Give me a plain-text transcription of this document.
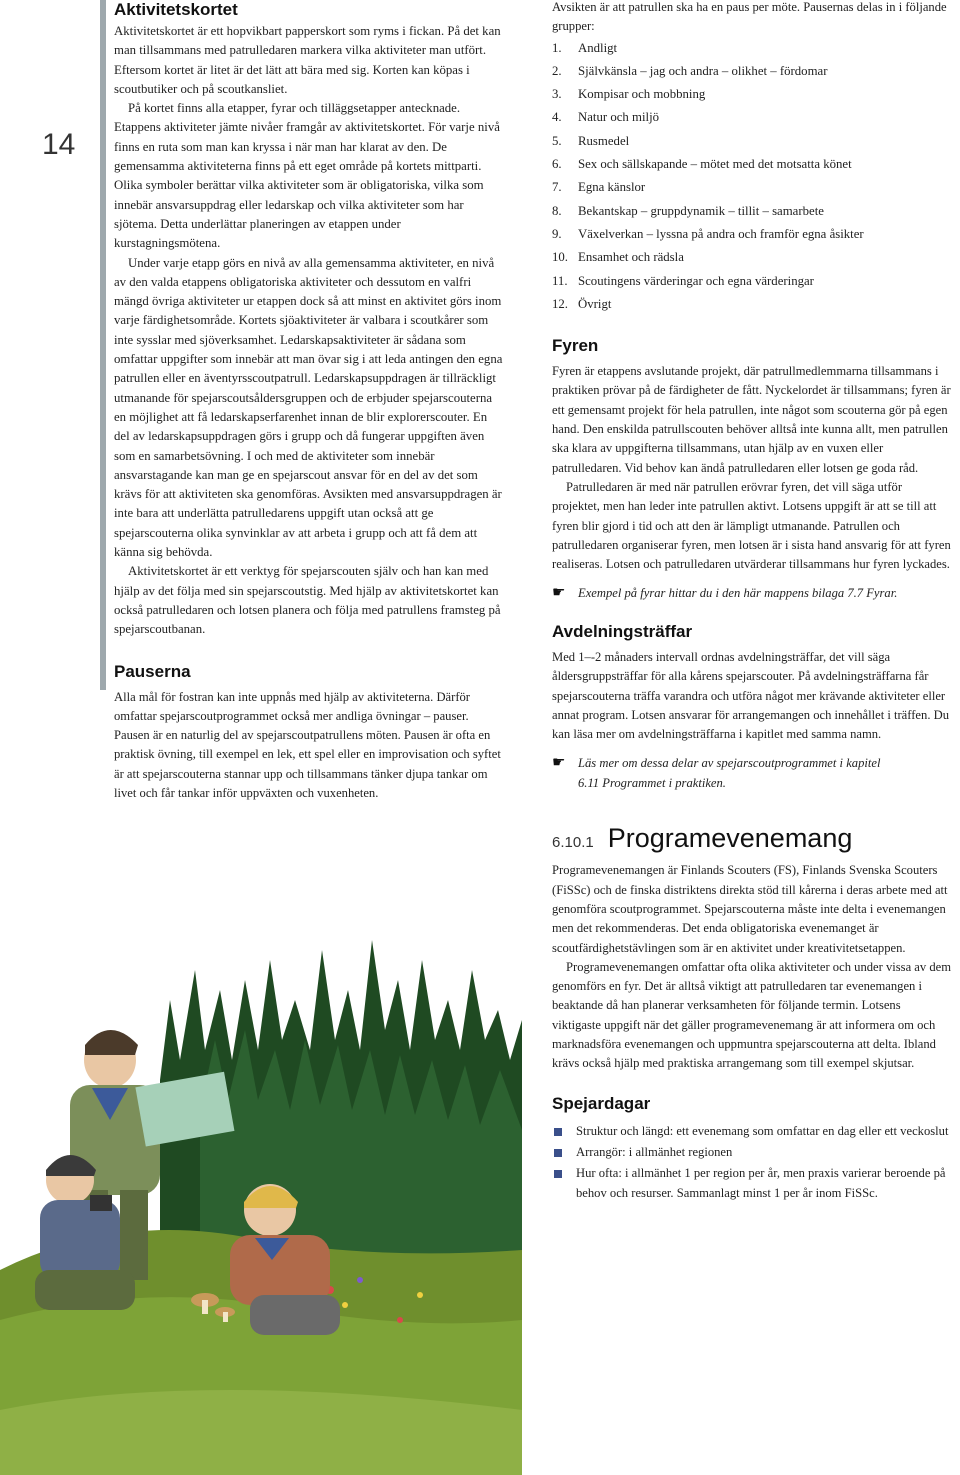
14
Aktivitetskortet

Aktivitetskortet är ett hopvikbart papperskort som ryms i fickan. På det kan man tillsammans med patrulledaren markera vilka aktiviteter man utfört. Eftersom kortet är litet är det lätt att bära med sig. Korten kan köpas i scoutbutiker och på scoutkansliet.

På kortet finns alla etapper, fyrar och tilläggsetapper antecknade. Etappens aktiviteter jämte nivåer framgår av aktivitetskortet. För varje nivå finns en ruta som man kan kryssa i när man har klarat av den. De gemensamma aktiviteterna finns på ett eget område på kortets mittparti. Olika symboler berättar vilka aktiviteter som är obligatoriska, vilka som innebär ansvarsuppdrag eller ledarskap och vilka aktiviteter som har sjötema. Detta underlättar planeringen av etappen under kurstagningsmötena.

Under varje etapp görs en nivå av alla gemensamma aktiviteter, en nivå av den valda etappens obligatoriska aktiviteter och dessutom en valfri mängd övriga aktiviteter ur etappen dock så att minst en aktivitet görs inom varje färdighetsområde. Kortets sjöaktiviteter är valbara i scoutkårer som inte sysslar med sjöverksamhet. Ledarskapsaktiviteter är sådana som omfattar uppgifter som innebär att man övar sig i att leda antingen den egna patrullen eller en äventyrsscoutpatrull. Ledarskapsuppdragen är tillräckligt utmanande för spejarscoutsåldersgruppen och de erbjuder spejarscouterna en möjlighet att få ledarskapserfarenhet innan de blir explorerscouter. En del av ledarskapsuppdragen görs i grupp och då fungerar uppgiften även som en samarbetsövning. I och med de aktiviteter som innebär ansvarstagande kan man ge en spejarscout ansvar för en del av det som krävs för att aktiviteten ska genomföras. Avsikten med ansvarsuppdragen är inte bara att underlätta patrulledarens uppgift utan också att ge spejarscouterna olika synvinklar av att arbeta i grupp och att få dem att känna sig behövda.

Aktivitetskortet är ett verktyg för spejarscouten själv och han kan med hjälp av det följa med sin spejarscoutstig. Med hjälp av aktivitetskortet kan också patrulledaren och lotsen planera och följa med patrullens framsteg på spejarscoutbanan.

Pauserna

Alla mål för fostran kan inte uppnås med hjälp av aktiviteterna. Därför omfattar spejarscoutprogrammet också mer andliga övningar – pauser. Pausen är en naturlig del av spejarscoutpatrullens möten. Pausen är ofta en praktisk övning, till exempel en lek, ett spel eller en improvisation och syftet är att spejarscouterna stannar upp och tillsammans tänker djupa tankar om livet och får tankar inför uppväxten och vuxenheten.

Avsikten är att patrullen ska ha en paus per möte. Pausernas delas in i följande grupper:

1. Andligt
2. Självkänsla – jag och andra – olikhet – fördomar
3. Kompisar och mobbning
4. Natur och miljö
5. Rusmedel
6. Sex och sällskapande – mötet med det motsatta könet
7. Egna känslor
8. Bekantskap – gruppdynamik – tillit – samarbete
9. Växelverkan – lyssna på andra och framför egna åsikter
10. Ensamhet och rädsla
11. Scoutingens värderingar och egna värderingar
12. Övrigt
Fyren

Fyren är etappens avslutande projekt, där patrullmedlemmarna tillsammans i praktiken prövar på de färdigheter de fått. Nyckelordet är tillsammans; fyren är ett gemensamt projekt för hela patrullen, inte något som scouterna gör på egen hand. Den enskilda patrullscouten behöver alltså inte kunna allt, men patrullen ska klara av uppgifterna tillsammans, utan hjälp av en vuxen eller patrulledaren. Vid behov kan ändå patrulledaren eller lotsen ge goda råd.

Patrulledaren är med när patrullen erövrar fyren, det vill säga utför projektet, men han leder inte patrullen aktivt. Lotsens uppgift är att se till att fyren blir gjord i tid och att den är lämpligt utmanande. Patrullen och patrulledaren organiserar fyren, men lotsen är i sista hand ansvarig för att fyren realiseras. Lotsen och patrulledaren utvärderar tillsammans hur fyren lyckades.

☛ Exempel på fyrar hittar du i den här mappens bilaga 7.7 Fyrar.
Avdelningsträffar

Med 1–-2 månaders intervall ordnas avdelningsträffar, det vill säga åldersgruppsträffar för alla kårens spejarscouter. På avdelningsträffarna får spejarscouterna träffa varandra och utföra något mer krävande aktiviteter eller annat program. Lotsen ansvarar för arrangemangen och innehållet i träffen. Du kan läsa mer om avdelningsträffarna i kapitlet med samma namn.

☛ Läs mer om dessa delar av spejarscoutprogrammet i kapitel
6.11 Programmet i praktiken.
6.10.1 Programevenemang

Programevenemangen är Finlands Scouters (FS), Finlands Svenska Scouters (FiSSc) och de finska distriktens direkta stöd till kårerna i deras arbete med att genomföra scoutprogrammet. Spejarscouterna måste inte delta i evenemangen men det rekommenderas. Det enda obligatoriska evenemanget är scoutfärdighetstävlingen som är en aktivitet under kreativitetsetappen.

Programevenemangen omfattar ofta olika aktiviteter och under vissa av dem genomförs en fyr. Det är alltså viktigt att patrulledaren tar evenemangen i beaktande då han planerar verksamheten för följande termin. Lotsens viktigaste uppgift när det gäller programevenemang är att informera om och marknadsföra evenemangen och uppmuntra spejarscouterna att delta. Ibland krävs också hjälp med praktiska arrangemang som till exempel skjutsar.

Spejardagar
Struktur och längd: ett evenemang som omfattar en dag eller ett veckoslut
Arrangör: i allmänhet regionen
Hur ofta: i allmänhet 1 per region per år, men praxis varierar beroende på behov och resurser. Sammanlagt minst 1 per år inom FiSSc.
